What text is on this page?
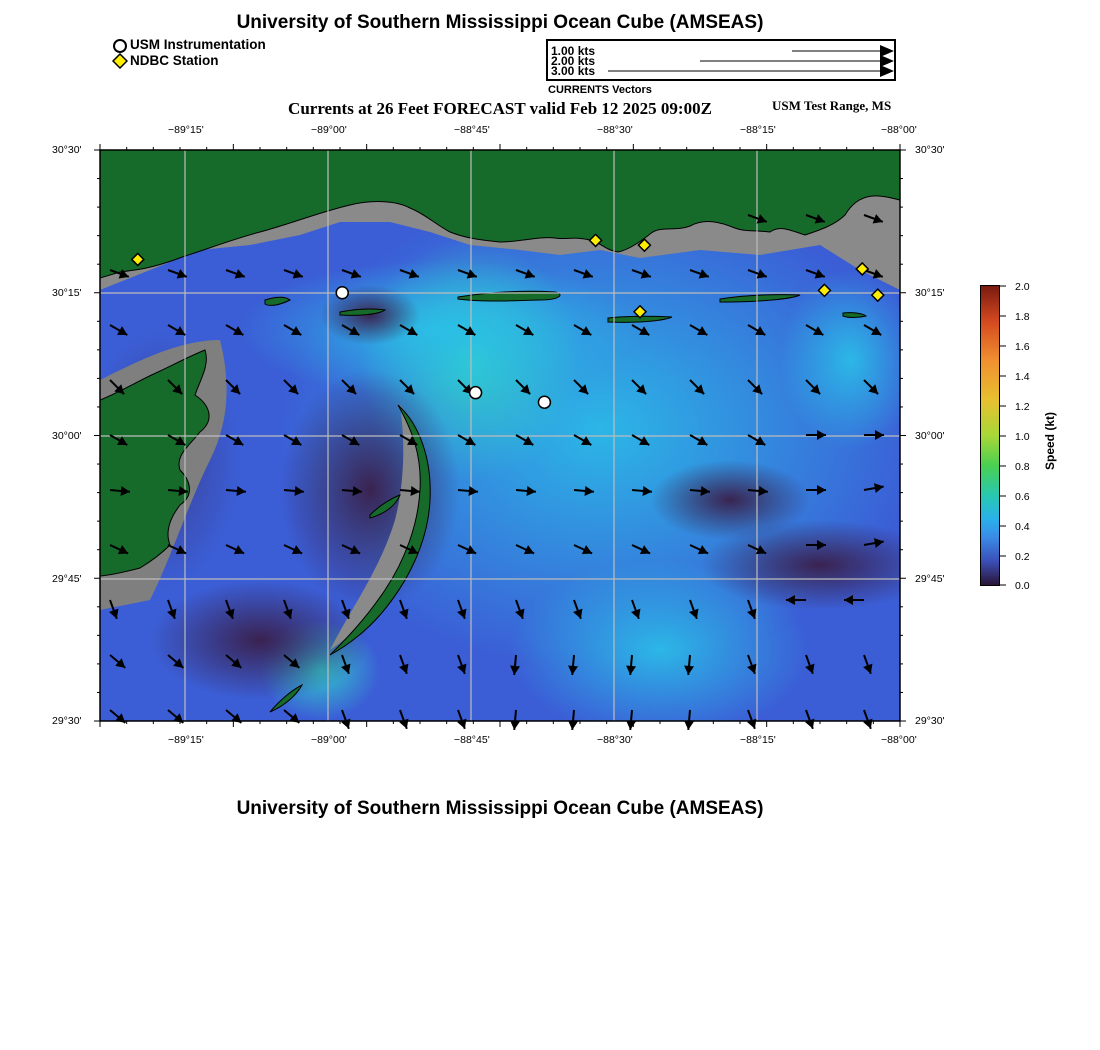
University of Southern Mississippi Ocean Cube (AMSEAS)
USM Instrumentation
NDBC Station
1.00 kts
2.00 kts
3.00 kts
CURRENTS Vectors
Currents at 26 Feet FORECAST valid Feb 12 2025 09:00Z	USM Test Range, MS
−89°15'	−89°00'	−88°45'	−88°30'	−88°15'	−88°00'
−89°15'	−89°00'	−88°45'	−88°30'	−88°15'	−88°00'
30°30'
30°15'
30°00'
29°45'
29°30'
30°30'
30°15'
30°00'
29°45'
29°30'
2.0
1.8
1.6
1.4
1.2
1.0
0.8
0.6
0.4
0.2
0.0
Speed (kt)
University of Southern Mississippi Ocean Cube (AMSEAS)
